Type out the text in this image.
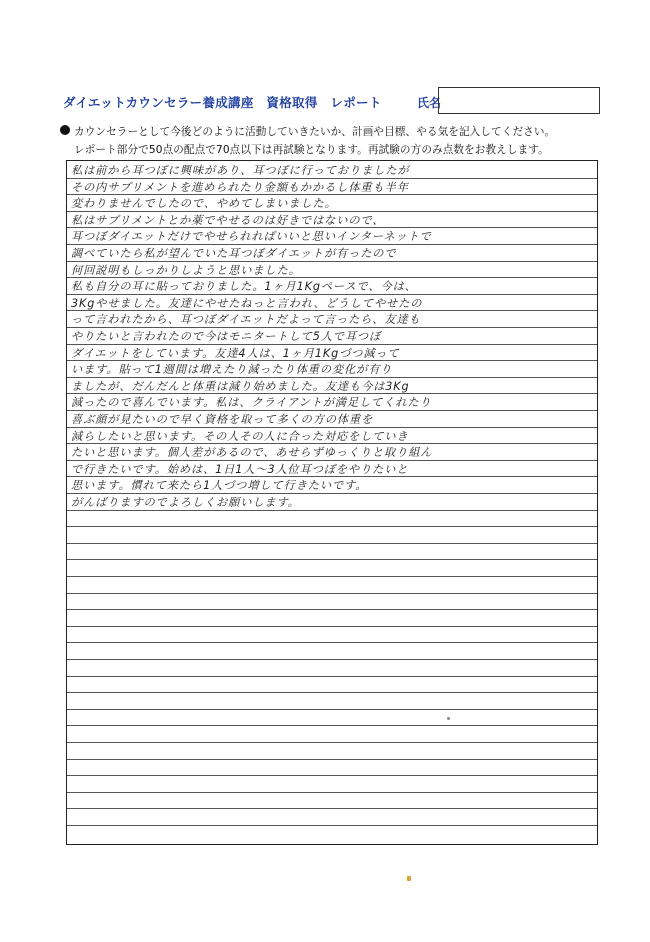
ダイエットカウンセラー養成講座　資格取得　レポート	氏名
カウンセラーとして今後どのように活動していきたいか、計画や目標、やる気を記入してください。
レポート部分で50点の配点で70点以下は再試験となります。再試験の方のみ点数をお教えします。
私は前から耳つぼに興味があり、耳つぼに行っておりましたが
その内サプリメントを進められたり金額もかかるし体重も半年
変わりませんでしたので、やめてしまいました。
私はサプリメントとか薬でやせるのは好きではないので、
耳つぼダイエットだけでやせられればいいと思いインターネットで
調べていたら私が望んでいた耳つぼダイエットが有ったので
何回説明もしっかりしようと思いました。
私も自分の耳に貼っておりました。1ヶ月1Kgペースで、今は、
3Kgやせました。友達にやせたねっと言われ、どうしてやせたの
って言われたから、耳つぼダイエットだよって言ったら、友達も
やりたいと言われたので今はモニタートして5人で耳つぼ
ダイエットをしています。友達4人は、1ヶ月1Kgづつ減って
います。貼って1週間は増えたり減ったり体重の変化が有り
ましたが、だんだんと体重は減り始めました。友達も今は3Kg
減ったので喜んでいます。私は、クライアントが満足してくれたり
喜ぶ顔が見たいので早く資格を取って多くの方の体重を
減らしたいと思います。その人その人に合った対応をしていき
たいと思います。個人差があるので、あせらずゆっくりと取り組ん
で行きたいです。始めは、1日1人～3人位耳つぼをやりたいと
思います。慣れて来たら1人づつ増して行きたいです。
がんばりますのでよろしくお願いします。
